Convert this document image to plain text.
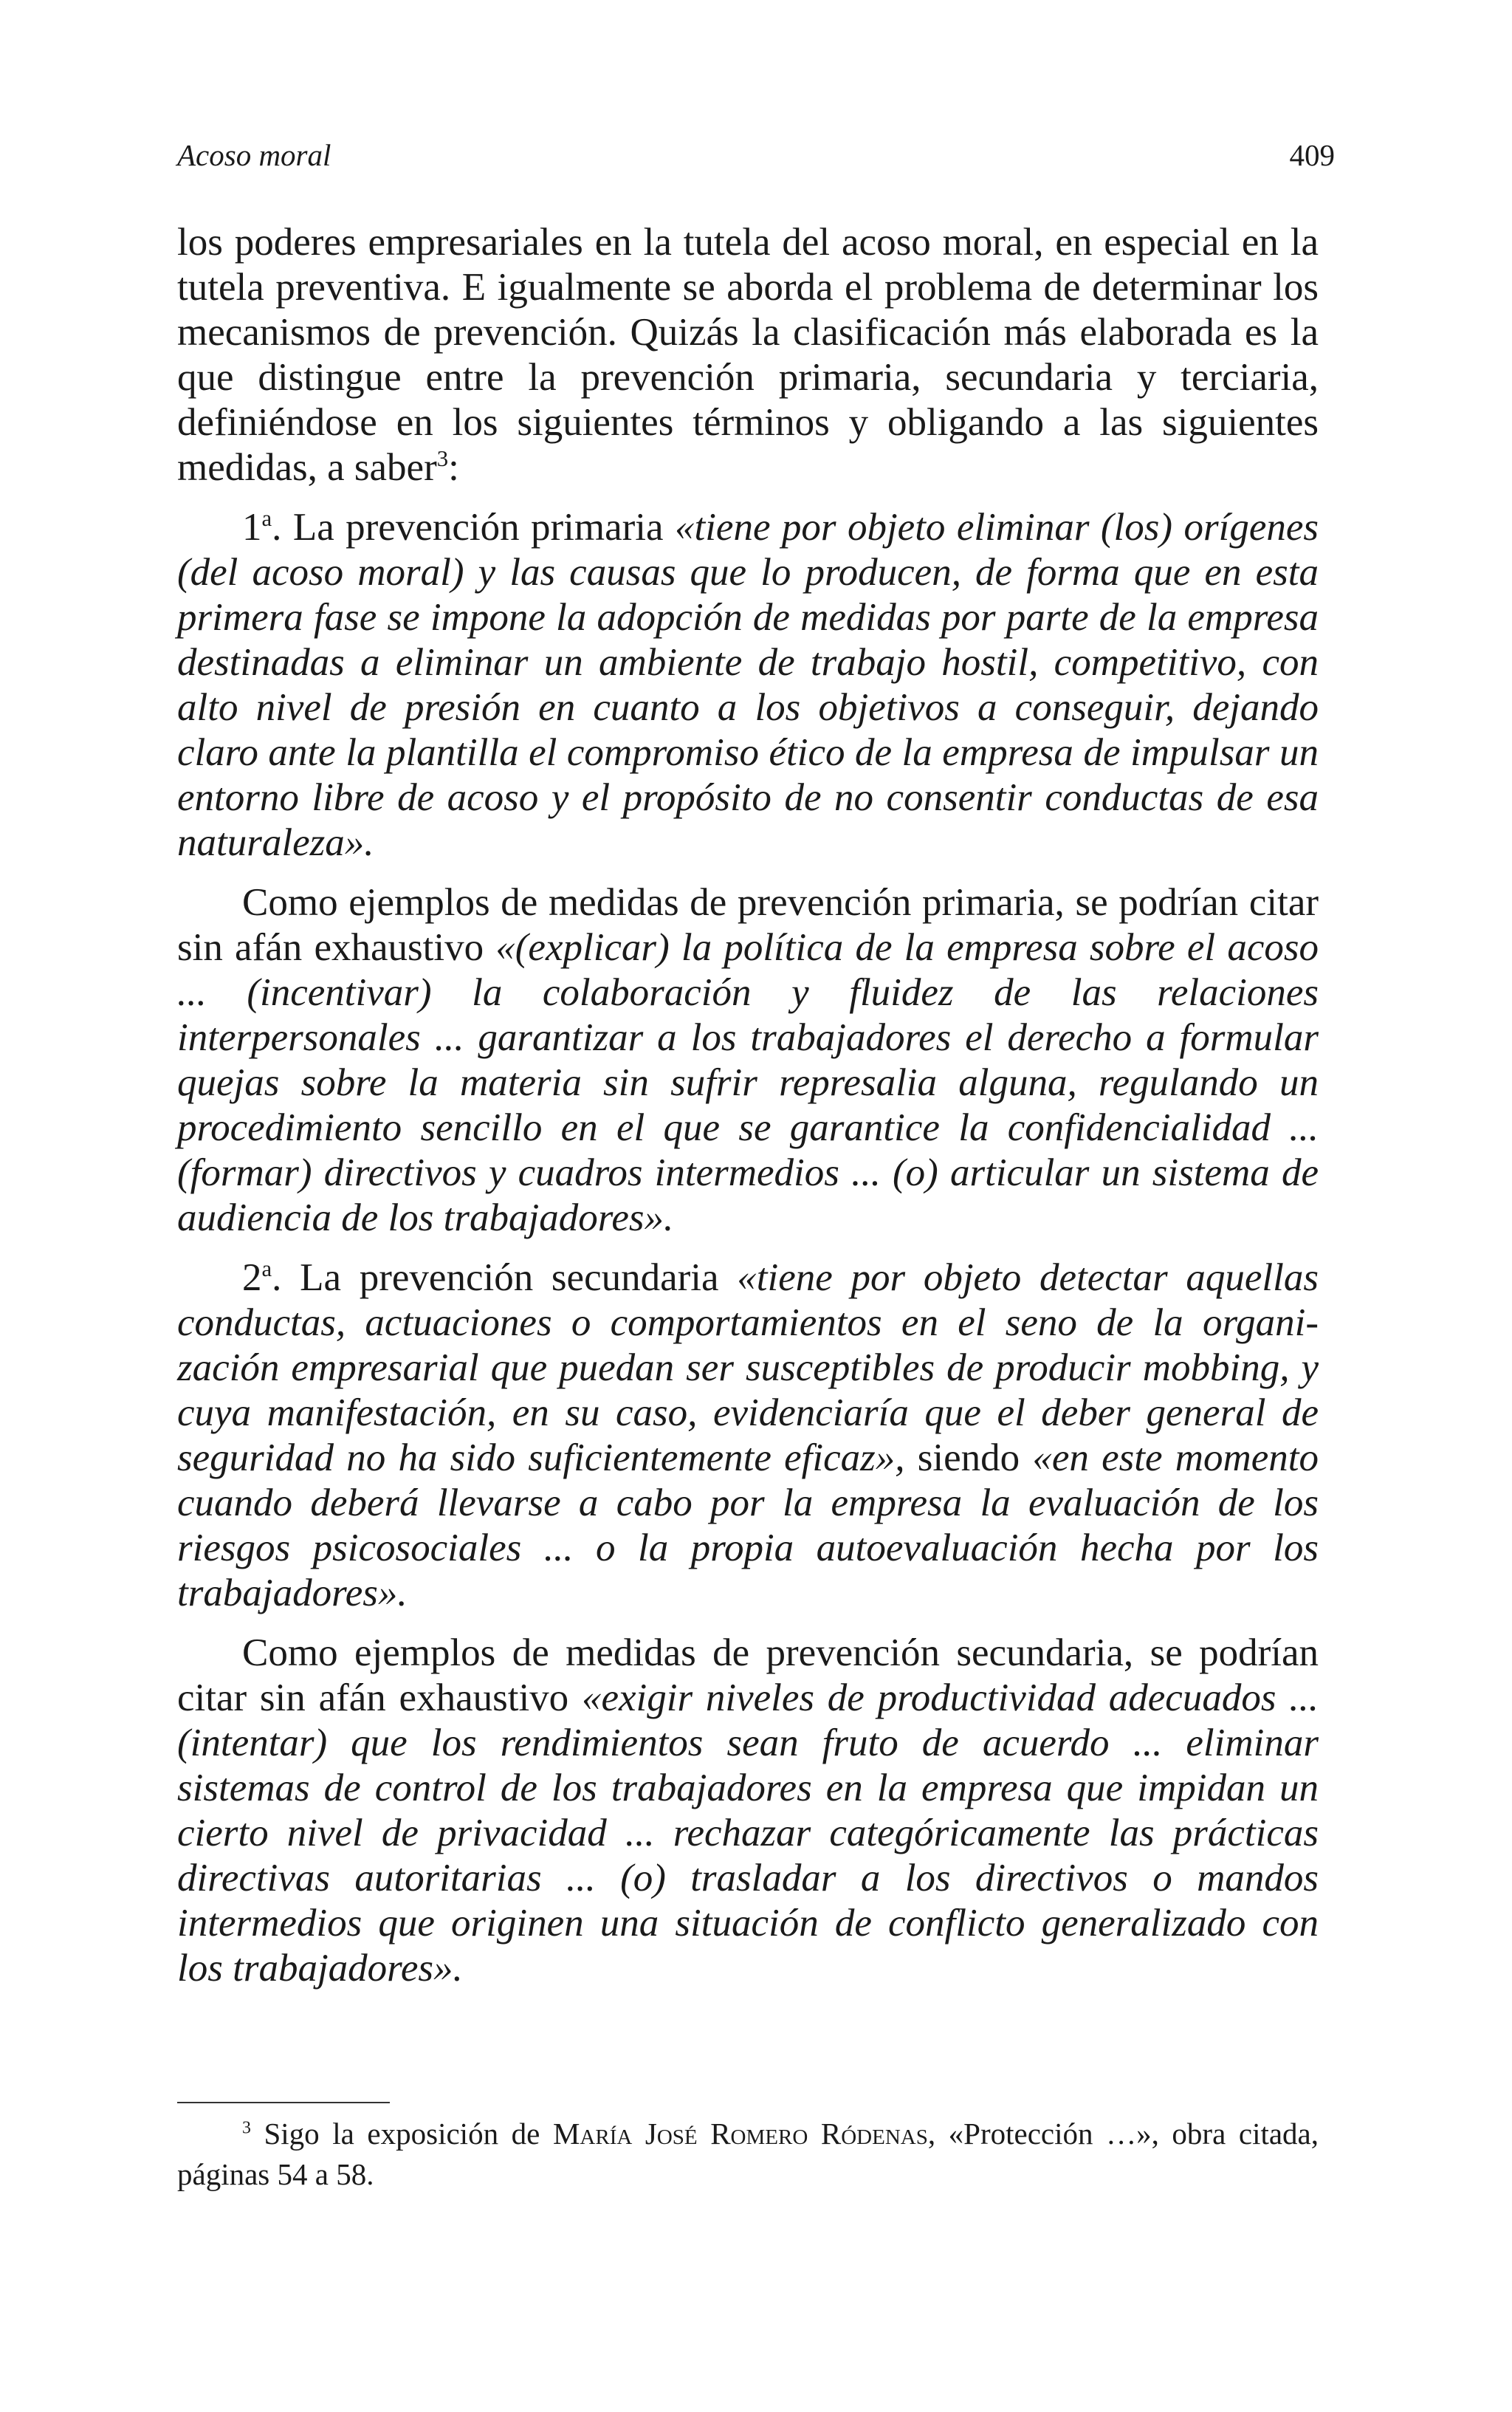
Acoso moral	409

los poderes empresariales en la tutela del acoso moral, en especial en la tutela preventiva. E igualmente se aborda el problema de determinar los mecanismos de prevención. Quizás la clasificación más elaborada es la que distingue entre la prevención primaria, secundaria y terciaria, definiéndose en los siguientes términos y obligando a las siguientes medidas, a saber$^3$:

1$^a$. La prevención primaria «tiene por objeto eliminar (los) orígenes (del acoso moral) y las causas que lo producen, de forma que en esta primera fase se impone la adopción de medidas por parte de la empresa destinadas a eliminar un ambiente de trabajo hostil, competitivo, con alto nivel de presión en cuanto a los objetivos a conseguir, dejando claro ante la plantilla el compromiso ético de la empresa de impulsar un entorno libre de acoso y el propósito de no consentir conductas de esa naturaleza».

Como ejemplos de medidas de prevención primaria, se podrían citar sin afán exhaustivo «(explicar) la política de la empresa sobre el acoso ... (incentivar) la colaboración y fluidez de las relaciones interpersonales ... garantizar a los trabajadores el derecho a formular quejas sobre la materia sin sufrir represalia alguna, regulando un procedimiento sencillo en el que se garantice la confidencialidad ... (formar) directivos y cuadros intermedios ... (o) articular un sistema de audiencia de los trabajadores».

2$^a$. La prevención secundaria «tiene por objeto detectar aquellas conductas, actuaciones o comportamientos en el seno de la organización empresarial que puedan ser susceptibles de producir mobbing, y cuya manifestación, en su caso, evidenciaría que el deber general de seguridad no ha sido suficientemente eficaz», siendo «en este momento cuando deberá llevarse a cabo por la empresa la evaluación de los riesgos psicosociales ... o la propia autoevaluación hecha por los trabajadores».

Como ejemplos de medidas de prevención secundaria, se podrían citar sin afán exhaustivo «exigir niveles de productividad adecuados ... (intentar) que los rendimientos sean fruto de acuerdo ... eliminar sistemas de control de los trabajadores en la empresa que impidan un cierto nivel de privacidad ... rechazar categóricamente las prácticas directivas autoritarias ... (o) trasladar a los directivos o mandos intermedios que originen una situación de conflicto generalizado con los trabajadores».

$^3$ Sigo la exposición de María José Romero Ródenas, «Protección …», obra citada, páginas 54 a 58.
